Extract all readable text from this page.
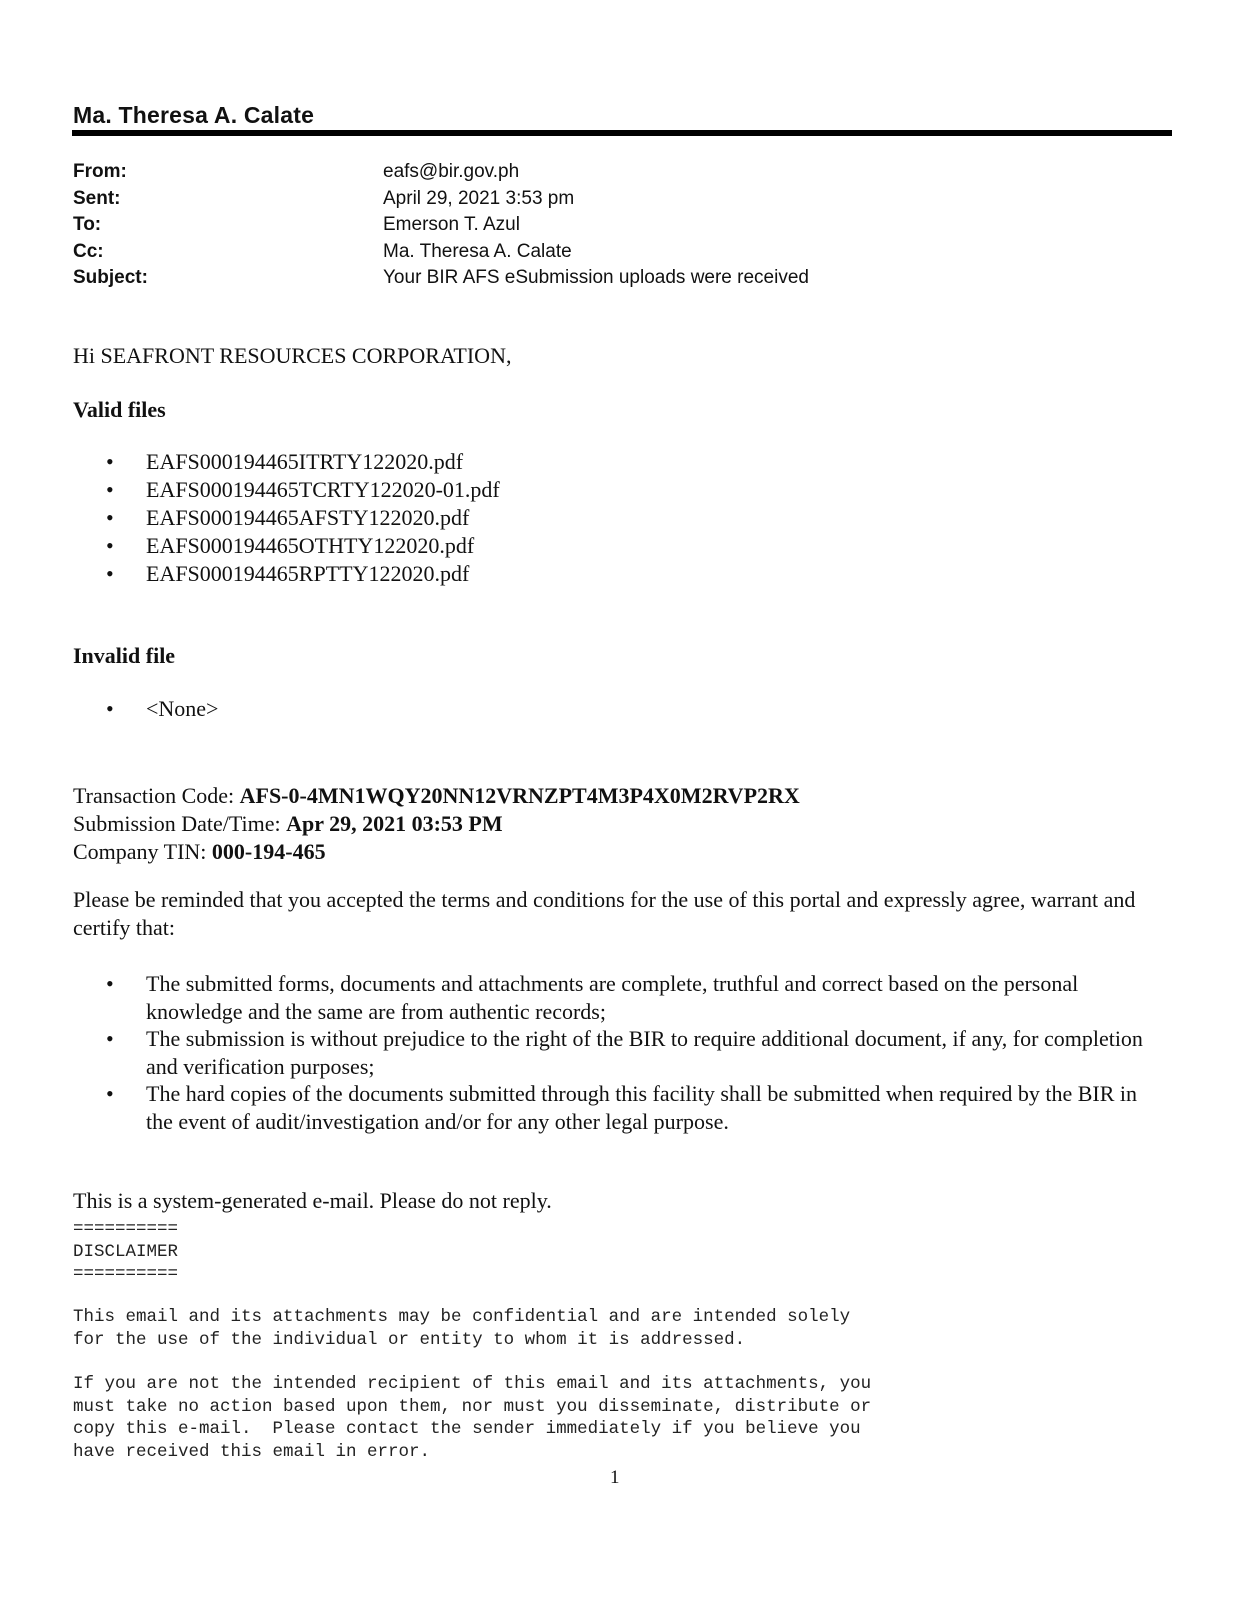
Ma. Theresa A. Calate
From:	eafs@bir.gov.ph
Sent:	April 29, 2021 3:53 pm
To:	Emerson T. Azul
Cc:	Ma. Theresa A. Calate
Subject:	Your BIR AFS eSubmission uploads were received
Hi SEAFRONT RESOURCES CORPORATION,
Valid files
• EAFS000194465ITRTY122020.pdf
• EAFS000194465TCRTY122020-01.pdf
• EAFS000194465AFSTY122020.pdf
• EAFS000194465OTHTY122020.pdf
• EAFS000194465RPTTY122020.pdf
Invalid file
• <None>
Transaction Code: AFS-0-4MN1WQY20NN12VRNZPT4M3P4X0M2RVP2RX
Submission Date/Time: Apr 29, 2021 03:53 PM
Company TIN: 000-194-465
Please be reminded that you accepted the terms and conditions for the use of this portal and expressly agree, warrant and certify that:
• The submitted forms, documents and attachments are complete, truthful and correct based on the personal knowledge and the same are from authentic records;
• The submission is without prejudice to the right of the BIR to require additional document, if any, for completion and verification purposes;
• The hard copies of the documents submitted through this facility shall be submitted when required by the BIR in the event of audit/investigation and/or for any other legal purpose.
This is a system-generated e-mail. Please do not reply.
==========
DISCLAIMER
==========
This email and its attachments may be confidential and are intended solely
for the use of the individual or entity to whom it is addressed.
If you are not the intended recipient of this email and its attachments, you
must take no action based upon them, nor must you disseminate, distribute or
copy this e-mail.  Please contact the sender immediately if you believe you
have received this email in error.
1
